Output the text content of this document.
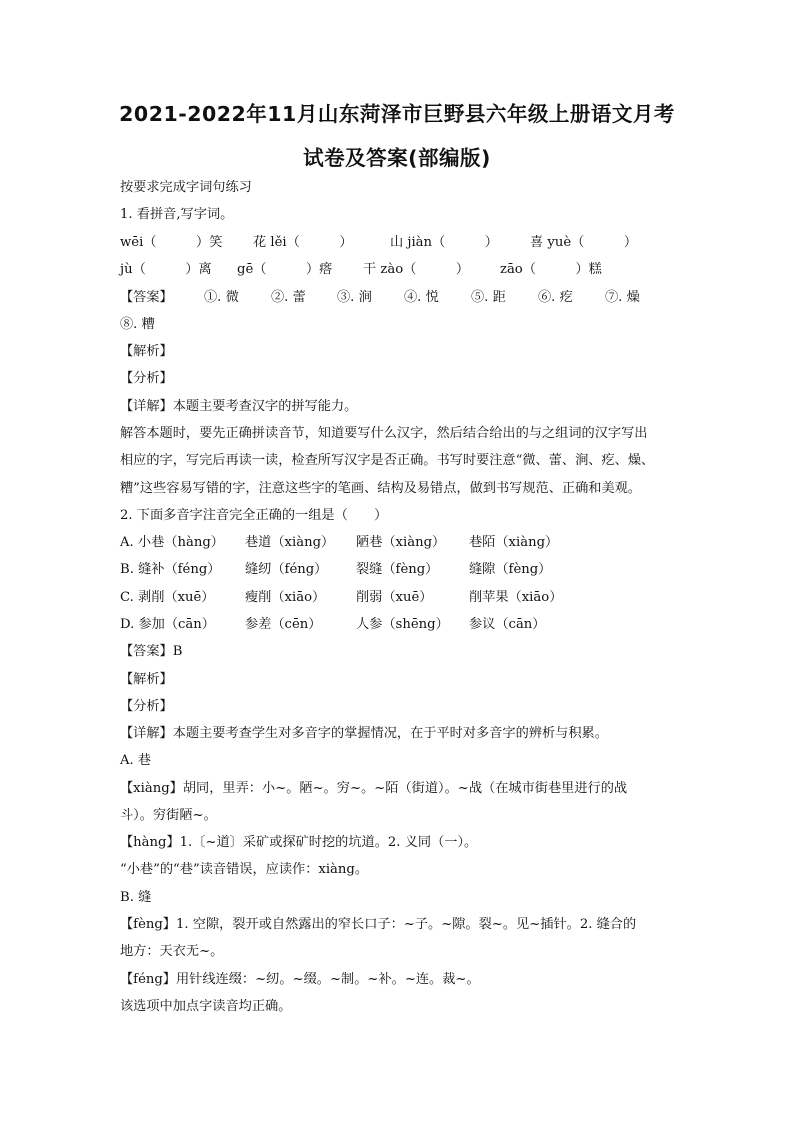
2021-2022年11月山东菏泽市巨野县六年级上册语文月考
试卷及答案(部编版)
按要求完成字词句练习
1. 看拼音,写字词。
wēi（　　　）笑 花 lěi（　　　）	山 jiàn（　　　） 喜 yuè（　　　）
jù（　　　）离 gē（　　　）瘩 干 zào（　　　） zāo（　　　）糕
【答案】 ①. 微 ②. 蕾 ③. 涧 ④. 悦 ⑤. 距 ⑥. 疙 ⑦. 燥
⑧. 糟
【解析】
【分析】
【详解】本题主要考查汉字的拼写能力。
解答本题时，要先正确拼读音节，知道要写什么汉字，然后结合给出的与之组词的汉字写出
相应的字，写完后再读一读，检查所写汉字是否正确。书写时要注意“微、蕾、涧、疙、燥、
糟”这些容易写错的字，注意这些字的笔画、结构及易错点，做到书写规范、正确和美观。
2. 下面多音字注音完全正确的一组是（　　）
A. 小巷（hàng） 巷道（xiàng） 陋巷（xiàng） 巷陌（xiàng）
B. 缝补（féng） 缝纫（féng） 裂缝（fèng） 缝隙（fèng）
C. 剥削（xuē） 瘦削（xiāo） 削弱（xuē）	削苹果（xiāo）
D. 参加（cān） 参差（cēn）	人参（shēng） 参议（cān）
【答案】B
【解析】
【分析】
【详解】本题主要考查学生对多音字的掌握情况，在于平时对多音字的辨析与积累。
A. 巷
【xiàng】胡同，里弄：小~。陋~。穷~。~陌（街道）。~战（在城市街巷里进行的战
斗）。穷街陋~。
【hàng】1.〔~道〕采矿或探矿时挖的坑道。2. 义同（一）。
“小巷”的“巷”读音错误，应读作：xiàng。
B. 缝
【fèng】1. 空隙，裂开或自然露出的窄长口子：~子。~隙。裂~。见~插针。2. 缝合的
地方：天衣无~。
【féng】用针线连缀：~纫。~缀。~制。~补。~连。裁~。
该选项中加点字读音均正确。
